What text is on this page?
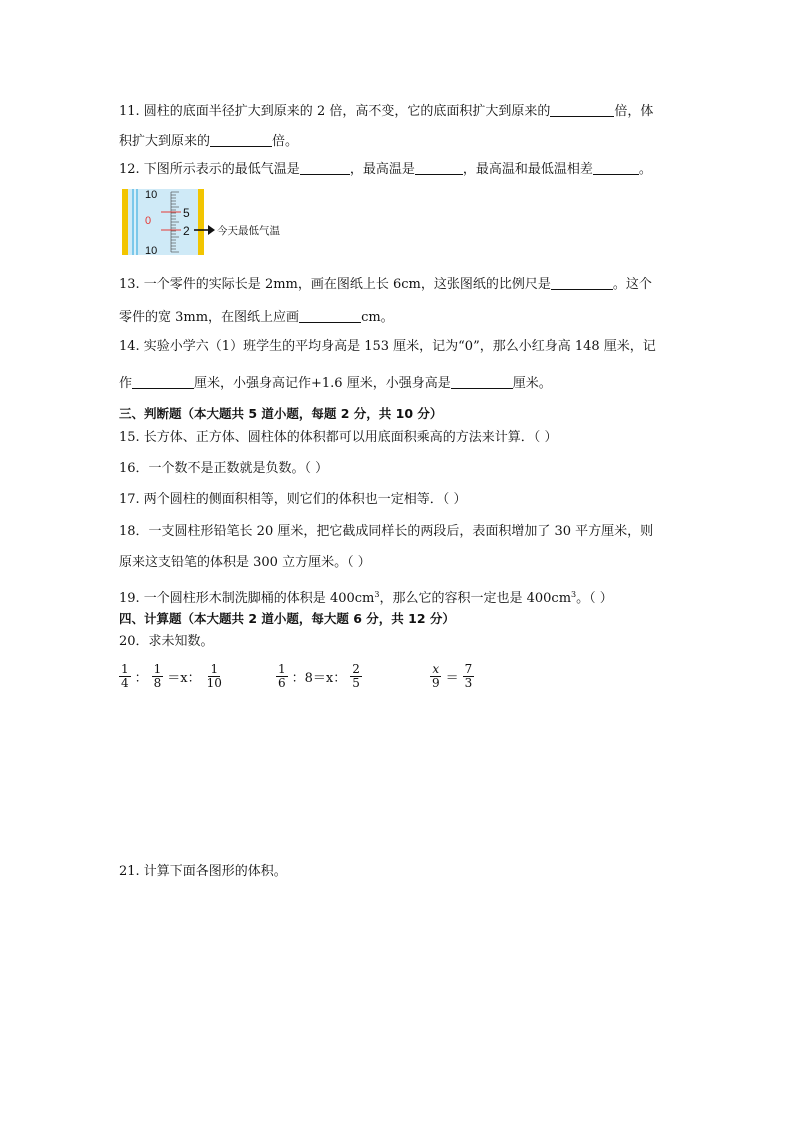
11. 圆柱的底面半径扩大到原来的 2 倍，高不变，它的底面积扩大到原来的	倍，体
积扩大到原来的	倍。
12. 下图所示表示的最低气温是	，最高温是	，最高温和最低温相差	。
10
10
0
5
2	今天最低气温
13. 一个零件的实际长是 2mm，画在图纸上长 6cm，这张图纸的比例尺是	。这个
零件的宽 3mm，在图纸上应画	cm。
14. 实验小学六（1）班学生的平均身高是 153 厘米，记为“0”，那么小红身高 148 厘米，记
作	厘米，小强身高记作+1.6 厘米，小强身高是	厘米。
三、判断题（本大题共 5 道小题，每题 2 分，共 10 分）
15. 长方体、正方体、圆柱体的体积都可以用底面积乘高的方法来计算．（ ）
16．一个数不是正数就是负数。（ ）
17. 两个圆柱的侧面积相等，则它们的体积也一定相等．（ ）
18．一支圆柱形铅笔长 20 厘米，把它截成同样长的两段后，表面积增加了 30 平方厘米，则
原来这支铅笔的体积是 300 立方厘米。（ ）
19. 一个圆柱形木制洗脚桶的体积是 $400cm^3$，那么它的容积一定也是 $400cm^3$。（ ）
四、计算题（本大题共 2 道小题，每大题 6 分，共 12 分）
20．求未知数。
$\frac{1}{4}$ ： $\frac{1}{8} =x$： $\frac{1}{10}$	$\frac{1}{6}$ ：8＝x： $\frac{2}{5}$	$\frac{x}{9} = \frac{7}{3}$
21. 计算下面各图形的体积。
